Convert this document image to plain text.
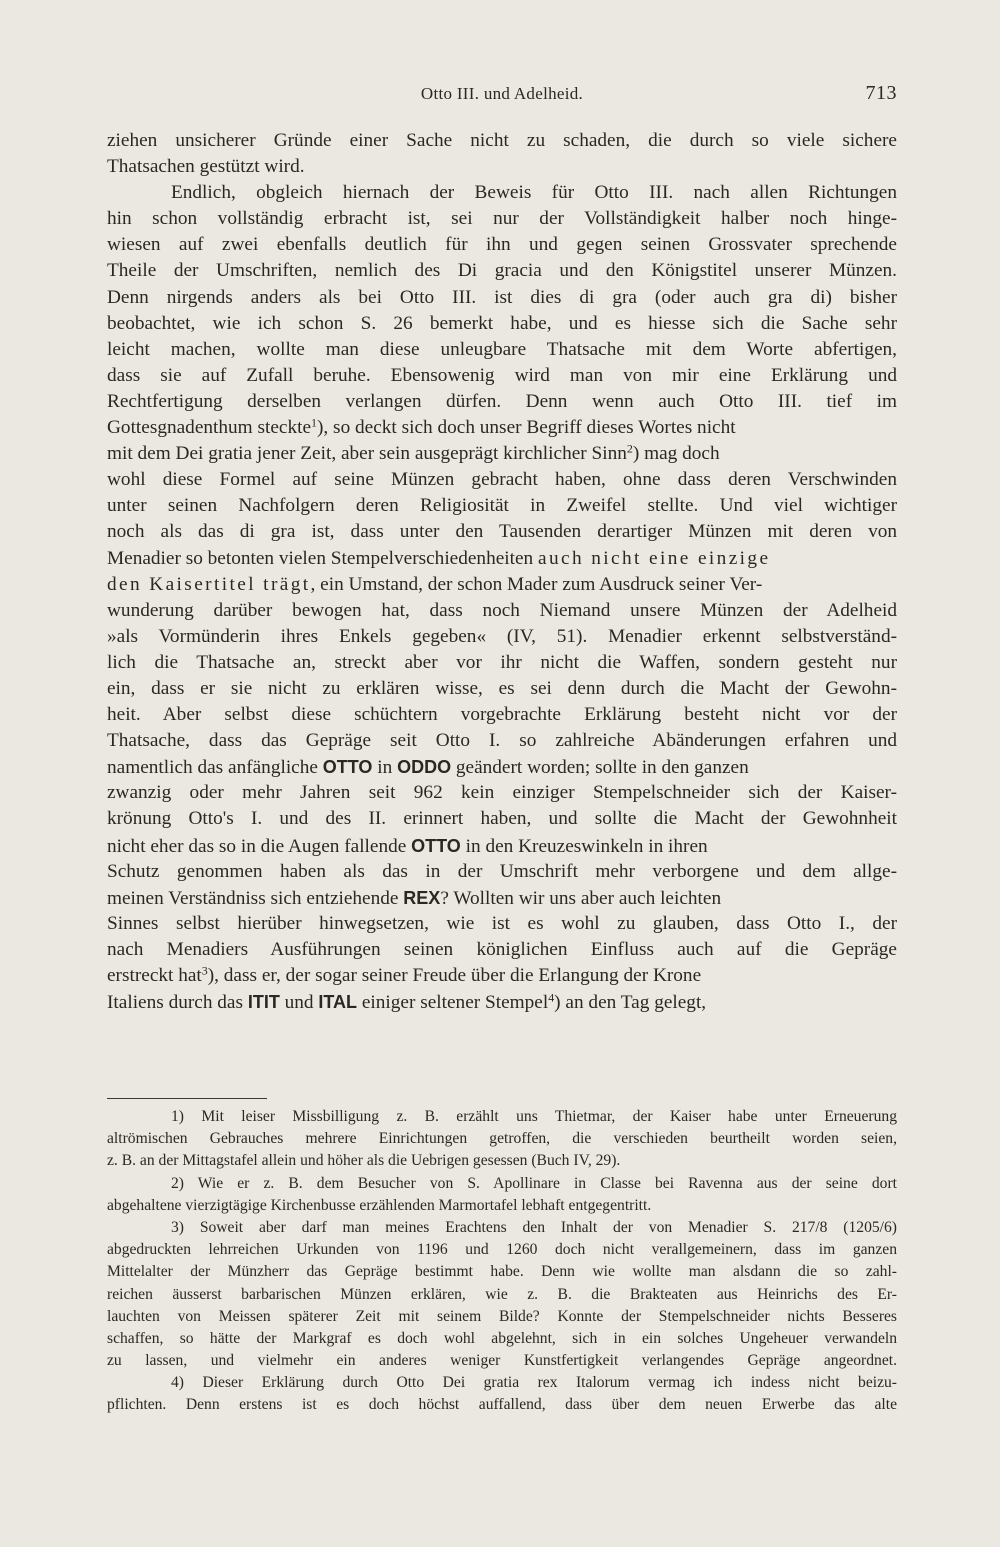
Otto III. und Adelheid.	713
ziehen unsicherer Gründe einer Sache nicht zu schaden, die durch so viele sichere
Thatsachen gestützt wird.
Endlich, obgleich hiernach der Beweis für Otto III. nach allen Richtungen
hin schon vollständig erbracht ist, sei nur der Vollständigkeit halber noch hinge-
wiesen auf zwei ebenfalls deutlich für ihn und gegen seinen Grossvater sprechende
Theile der Umschriften, nemlich des Di gracia und den Königstitel unserer Münzen.
Denn nirgends anders als bei Otto III. ist dies di gra (oder auch gra di) bisher
beobachtet, wie ich schon S. 26 bemerkt habe, und es hiesse sich die Sache sehr
leicht machen, wollte man diese unleugbare Thatsache mit dem Worte abfertigen,
dass sie auf Zufall beruhe. Ebensowenig wird man von mir eine Erklärung und
Rechtfertigung derselben verlangen dürfen. Denn wenn auch Otto III. tief im
Gottesgnadenthum steckte$^1$), so deckt sich doch unser Begriff dieses Wortes nicht
mit dem Dei gratia jener Zeit, aber sein ausgeprägt kirchlicher Sinn$^2$) mag doch
wohl diese Formel auf seine Münzen gebracht haben, ohne dass deren Verschwinden
unter seinen Nachfolgern deren Religiosität in Zweifel stellte. Und viel wichtiger
noch als das di gra ist, dass unter den Tausenden derartiger Münzen mit deren von
Menadier so betonten vielen Stempelverschiedenheiten auch nicht eine einzige
den Kaisertitel trägt, ein Umstand, der schon Mader zum Ausdruck seiner Ver-
wunderung darüber bewogen hat, dass noch Niemand unsere Münzen der Adelheid
»als Vormünderin ihres Enkels gegeben« (IV, 51). Menadier erkennt selbstverständ-
lich die Thatsache an, streckt aber vor ihr nicht die Waffen, sondern gesteht nur
ein, dass er sie nicht zu erklären wisse, es sei denn durch die Macht der Gewohn-
heit. Aber selbst diese schüchtern vorgebrachte Erklärung besteht nicht vor der
Thatsache, dass das Gepräge seit Otto I. so zahlreiche Abänderungen erfahren und
namentlich das anfängliche OTTO in ODDO geändert worden; sollte in den ganzen
zwanzig oder mehr Jahren seit 962 kein einziger Stempelschneider sich der Kaiser-
krönung Otto's I. und des II. erinnert haben, und sollte die Macht der Gewohnheit
nicht eher das so in die Augen fallende OTTO in den Kreuzeswinkeln in ihren
Schutz genommen haben als das in der Umschrift mehr verborgene und dem allge-
meinen Verständniss sich entziehende REX? Wollten wir uns aber auch leichten
Sinnes selbst hierüber hinwegsetzen, wie ist es wohl zu glauben, dass Otto I., der
nach Menadiers Ausführungen seinen königlichen Einfluss auch auf die Gepräge
erstreckt hat$^3$), dass er, der sogar seiner Freude über die Erlangung der Krone
Italiens durch das ITIT und ITAL einiger seltener Stempel$^4$) an den Tag gelegt,
1) Mit leiser Missbilligung z. B. erzählt uns Thietmar, der Kaiser habe unter Erneuerung
altrömischen Gebrauches mehrere Einrichtungen getroffen, die verschieden beurtheilt worden seien,
z. B. an der Mittagstafel allein und höher als die Uebrigen gesessen (Buch IV, 29).
2) Wie er z. B. dem Besucher von S. Apollinare in Classe bei Ravenna aus der seine dort
abgehaltene vierzigtägige Kirchenbusse erzählenden Marmortafel lebhaft entgegentritt.
3) Soweit aber darf man meines Erachtens den Inhalt der von Menadier S. 217/8 (1205/6)
abgedruckten lehrreichen Urkunden von 1196 und 1260 doch nicht verallgemeinern, dass im ganzen
Mittelalter der Münzherr das Gepräge bestimmt habe. Denn wie wollte man alsdann die so zahl-
reichen äusserst barbarischen Münzen erklären, wie z. B. die Brakteaten aus Heinrichs des Er-
lauchten von Meissen späterer Zeit mit seinem Bilde? Konnte der Stempelschneider nichts Besseres
schaffen, so hätte der Markgraf es doch wohl abgelehnt, sich in ein solches Ungeheuer verwandeln
zu lassen, und vielmehr ein anderes weniger Kunstfertigkeit verlangendes Gepräge angeordnet.
4) Dieser Erklärung durch Otto Dei gratia rex Italorum vermag ich indess nicht beizu-
pflichten. Denn erstens ist es doch höchst auffallend, dass über dem neuen Erwerbe das alte
